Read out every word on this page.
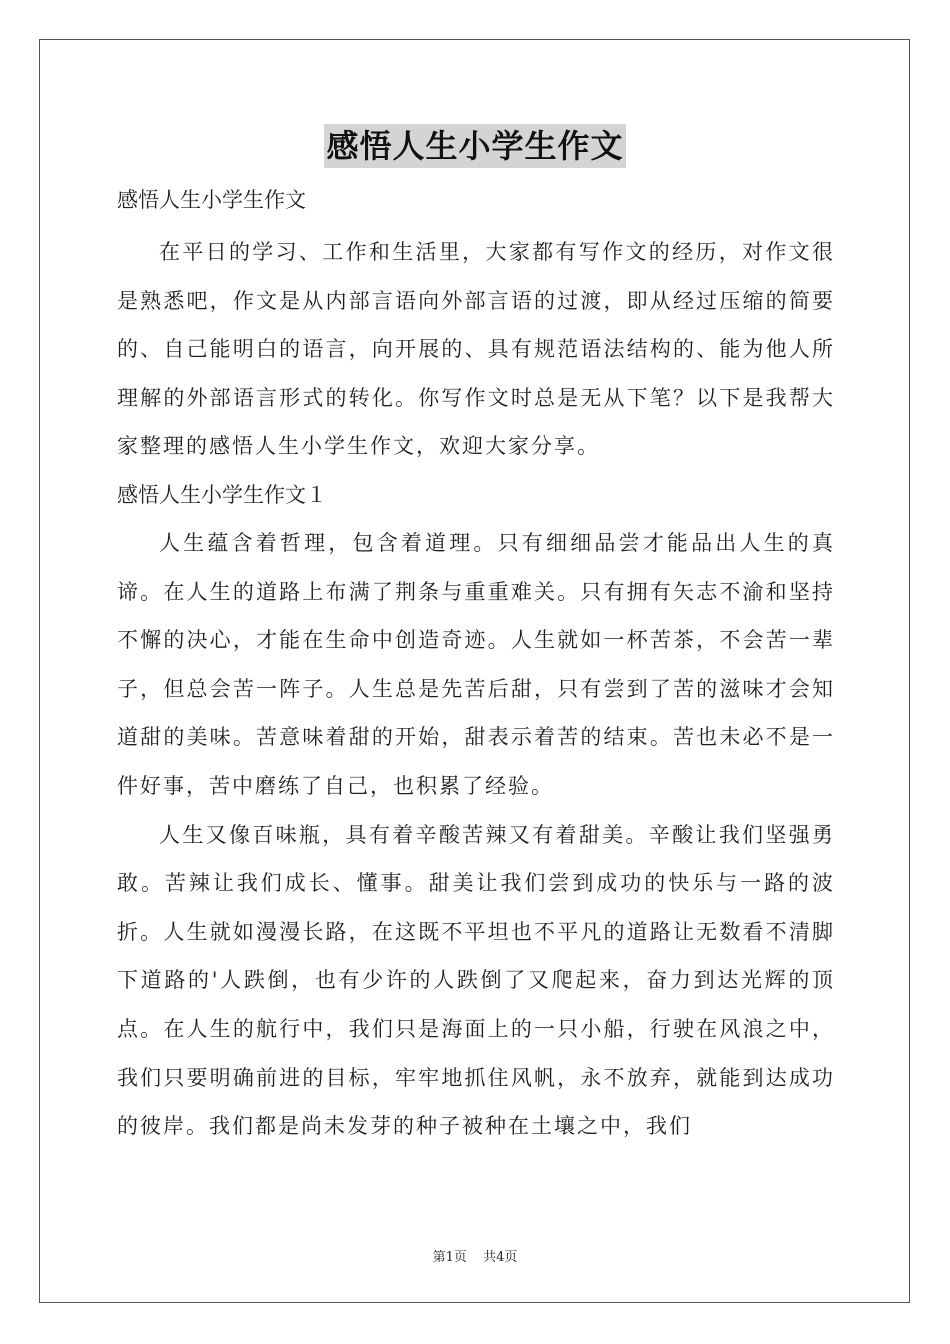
感悟人生小学生作文

感悟人生小学生作文

在平日的学习、工作和生活里，大家都有写作文的经历，对作文很是熟悉吧，作文是从内部言语向外部言语的过渡，即从经过压缩的简要的、自己能明白的语言，向开展的、具有规范语法结构的、能为他人所理解的外部语言形式的转化。你写作文时总是无从下笔？以下是我帮大家整理的感悟人生小学生作文，欢迎大家分享。

感悟人生小学生作文１

人生蕴含着哲理，包含着道理。只有细细品尝才能品出人生的真谛。在人生的道路上布满了荆条与重重难关。只有拥有矢志不渝和坚持不懈的决心，才能在生命中创造奇迹。人生就如一杯苦茶，不会苦一辈子，但总会苦一阵子。人生总是先苦后甜，只有尝到了苦的滋味才会知道甜的美味。苦意味着甜的开始，甜表示着苦的结束。苦也未必不是一件好事，苦中磨练了自己，也积累了经验。

人生又像百味瓶，具有着辛酸苦辣又有着甜美。辛酸让我们坚强勇敢。苦辣让我们成长、懂事。甜美让我们尝到成功的快乐与一路的波折。人生就如漫漫长路，在这既不平坦也不平凡的道路让无数看不清脚下道路的'人跌倒，也有少许的人跌倒了又爬起来，奋力到达光辉的顶点。在人生的航行中，我们只是海面上的一只小船，行驶在风浪之中，我们只要明确前进的目标，牢牢地抓住风帆，永不放弃，就能到达成功的彼岸。我们都是尚未发芽的种子被种在土壤之中，我们

第1页 共4页
